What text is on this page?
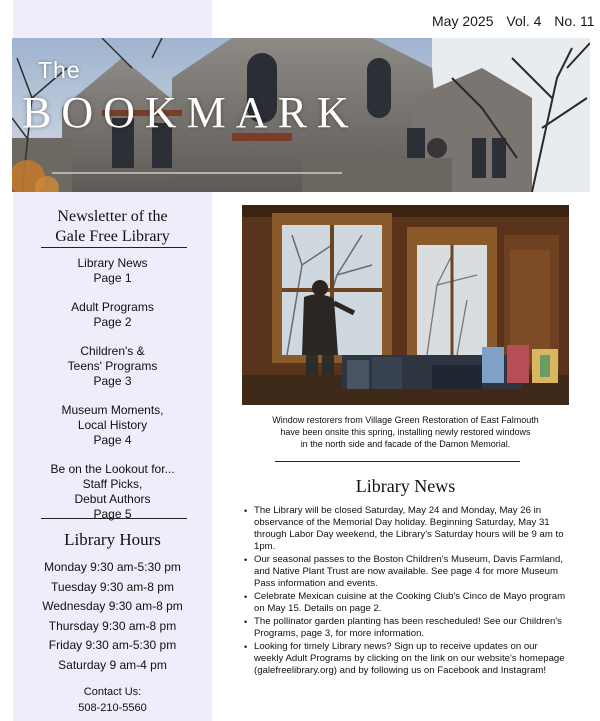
May 2025 Vol. 4 No. 11
The
BOOKMARK
Newsletter of the
Gale Free Library
Library News
Page 1
Adult Programs
Page 2
Children's &
Teens' Programs
Page 3
Museum Moments,
Local History
Page 4
Be on the Lookout for...
Staff Picks,
Debut Authors
Page 5
Library Hours
Monday 9:30 am-5:30 pm
Tuesday 9:30 am-8 pm
Wednesday 9:30 am-8 pm
Thursday 9:30 am-8 pm
Friday 9:30 am-5:30 pm
Saturday 9 am-4 pm
Contact Us:
508-210-5560
Window restorers from Village Green Restoration of East Falmouth
have been onsite this spring, installing newly restored windows
in the north side and facade of the Damon Memorial.
Library News
• The Library will be closed Saturday, May 24 and Monday, May 26 in observance of the Memorial Day holiday. Beginning Saturday, May 31 through Labor Day weekend, the Library's Saturday hours will be 9 am to 1pm.
• Our seasonal passes to the Boston Children's Museum, Davis Farmland, and Native Plant Trust are now available. See page 4 for more Museum Pass information and events.
• Celebrate Mexican cuisine at the Cooking Club's Cinco de Mayo program on May 15. Details on page 2.
• The pollinator garden planting has been rescheduled! See our Children's Programs, page 3, for more information.
• Looking for timely Library news? Sign up to receive updates on our weekly Adult Programs by clicking on the link on our website's homepage (galefreelibrary.org) and by following us on Facebook and Instagram!
